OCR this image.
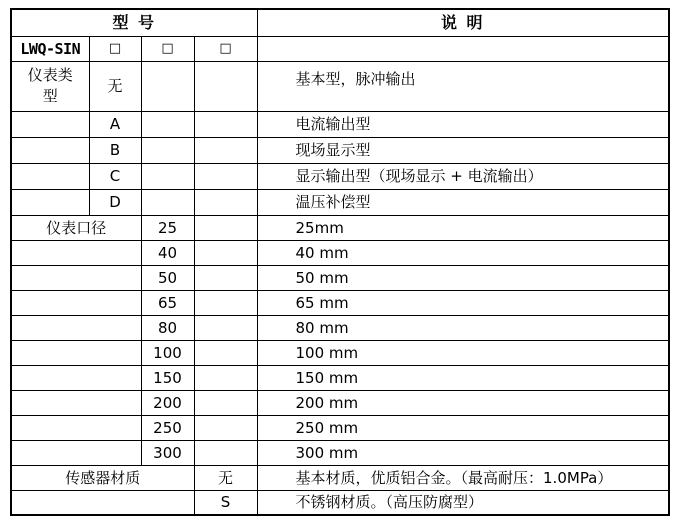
型 号				说 明
LWQ-SIN	□	□	□	
仪表类型	无			基本型，脉冲输出
	A			电流输出型
	B			现场显示型
	C			显示输出型（现场显示 + 电流输出）
	D			温压补偿型
仪表口径		25		25mm
		40		40 mm
		50		50 mm
		65		65 mm
		80		80 mm
		100		100 mm
		150		150 mm
		200		200 mm
		250		250 mm
		300		300 mm
传感器材质			无	基本材质，优质铝合金。（最高耐压：1.0MPa）
			S	不锈钢材质。（高压防腐型）
